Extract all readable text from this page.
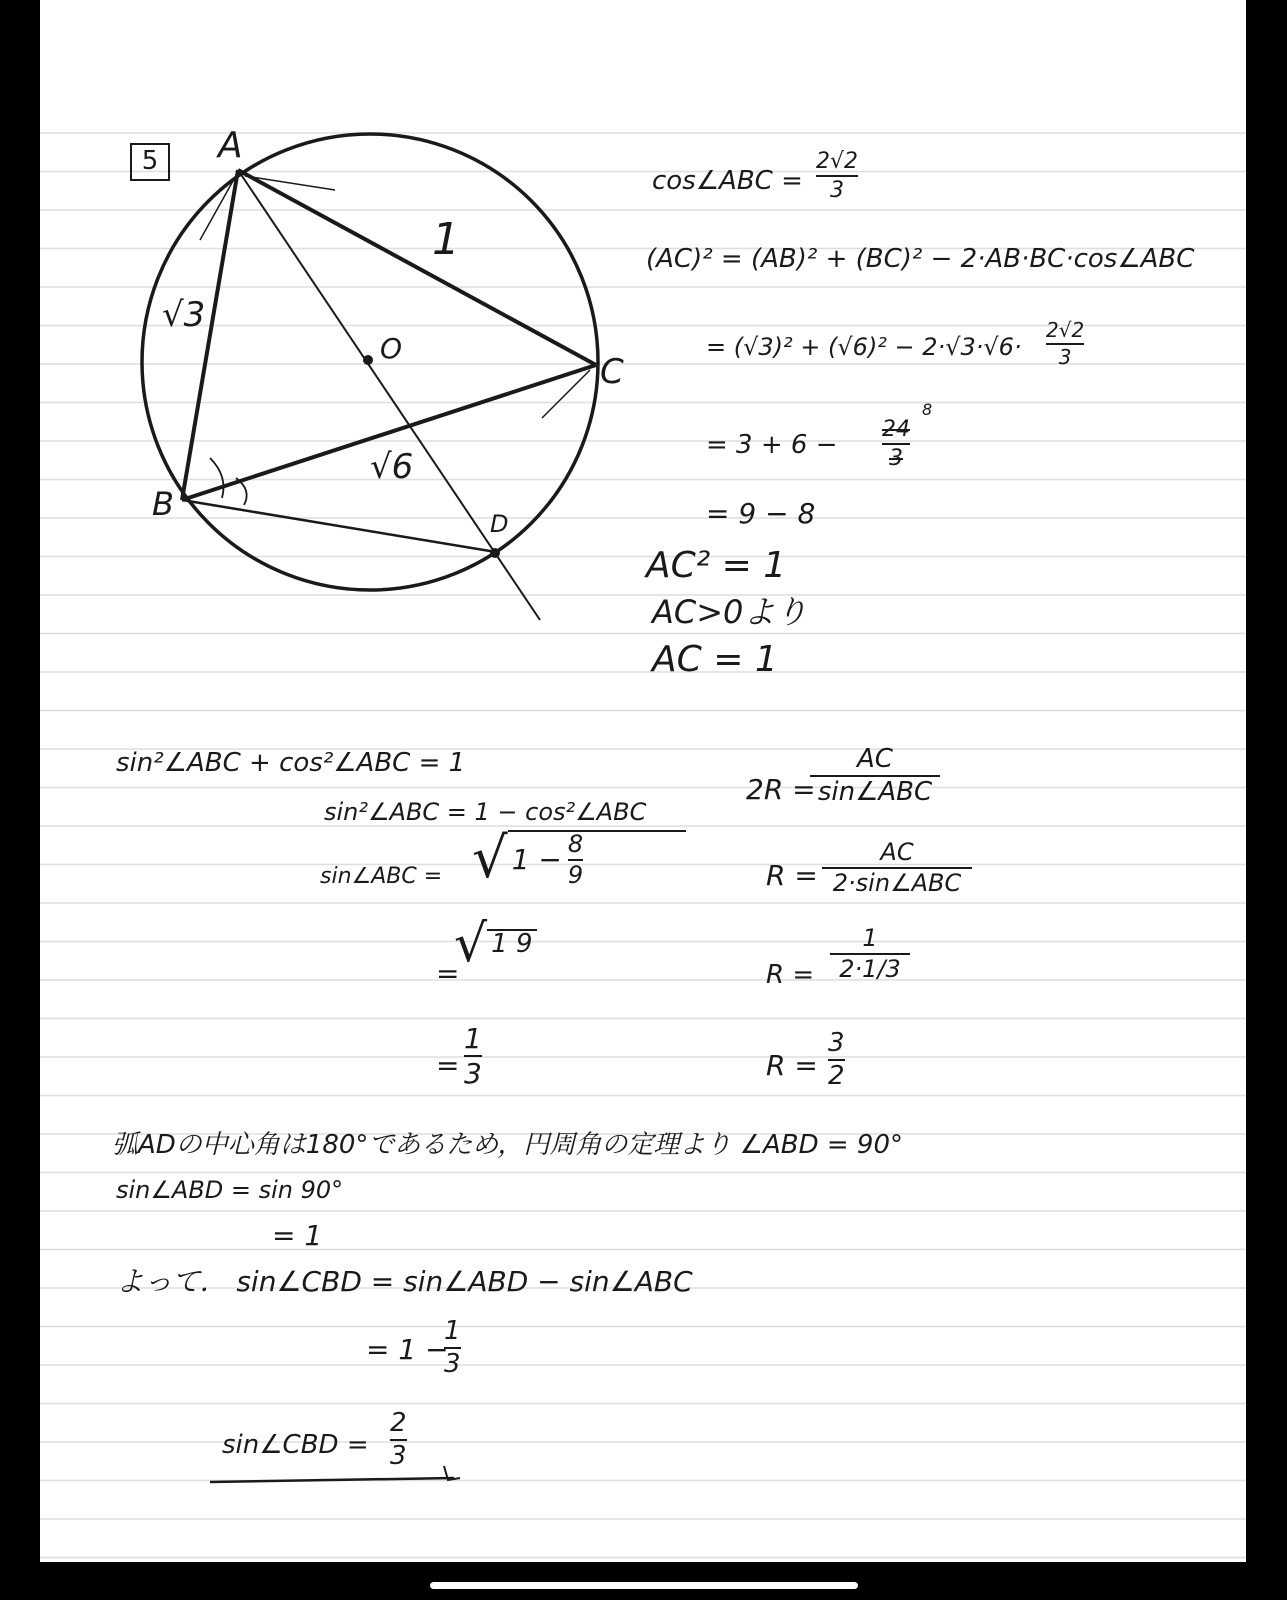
5	A
B
C
D
O
1
√3
√6
cos∠ABC =
2√2
3
(AC)² = (AB)² + (BC)² − 2·AB·BC·cos∠ABC
= (√3)² + (√6)² − 2·√3·√6·
2√2
3
= 3 + 6 −
24
3
8
= 9 − 8
AC² = 1
AC>0より
AC = 1
sin²∠ABC + cos²∠ABC = 1
sin²∠ABC = 1 − cos²∠ABC
sin∠ABC = √ $1 - \frac{8}{9}$
=
√ 1 9
=
1
3
2R =
AC
sin∠ABC
R =
AC
2·sin∠ABC
R =
1
2·1/3
R =
3
2
弧ADの中心角は180°であるため，円周角の定理より ∠ABD = 90°
sin∠ABD = sin 90°
= 1
よって． sin∠CBD = sin∠ABD − sin∠ABC
= 1 −
1
3
sin∠CBD =
2
3
